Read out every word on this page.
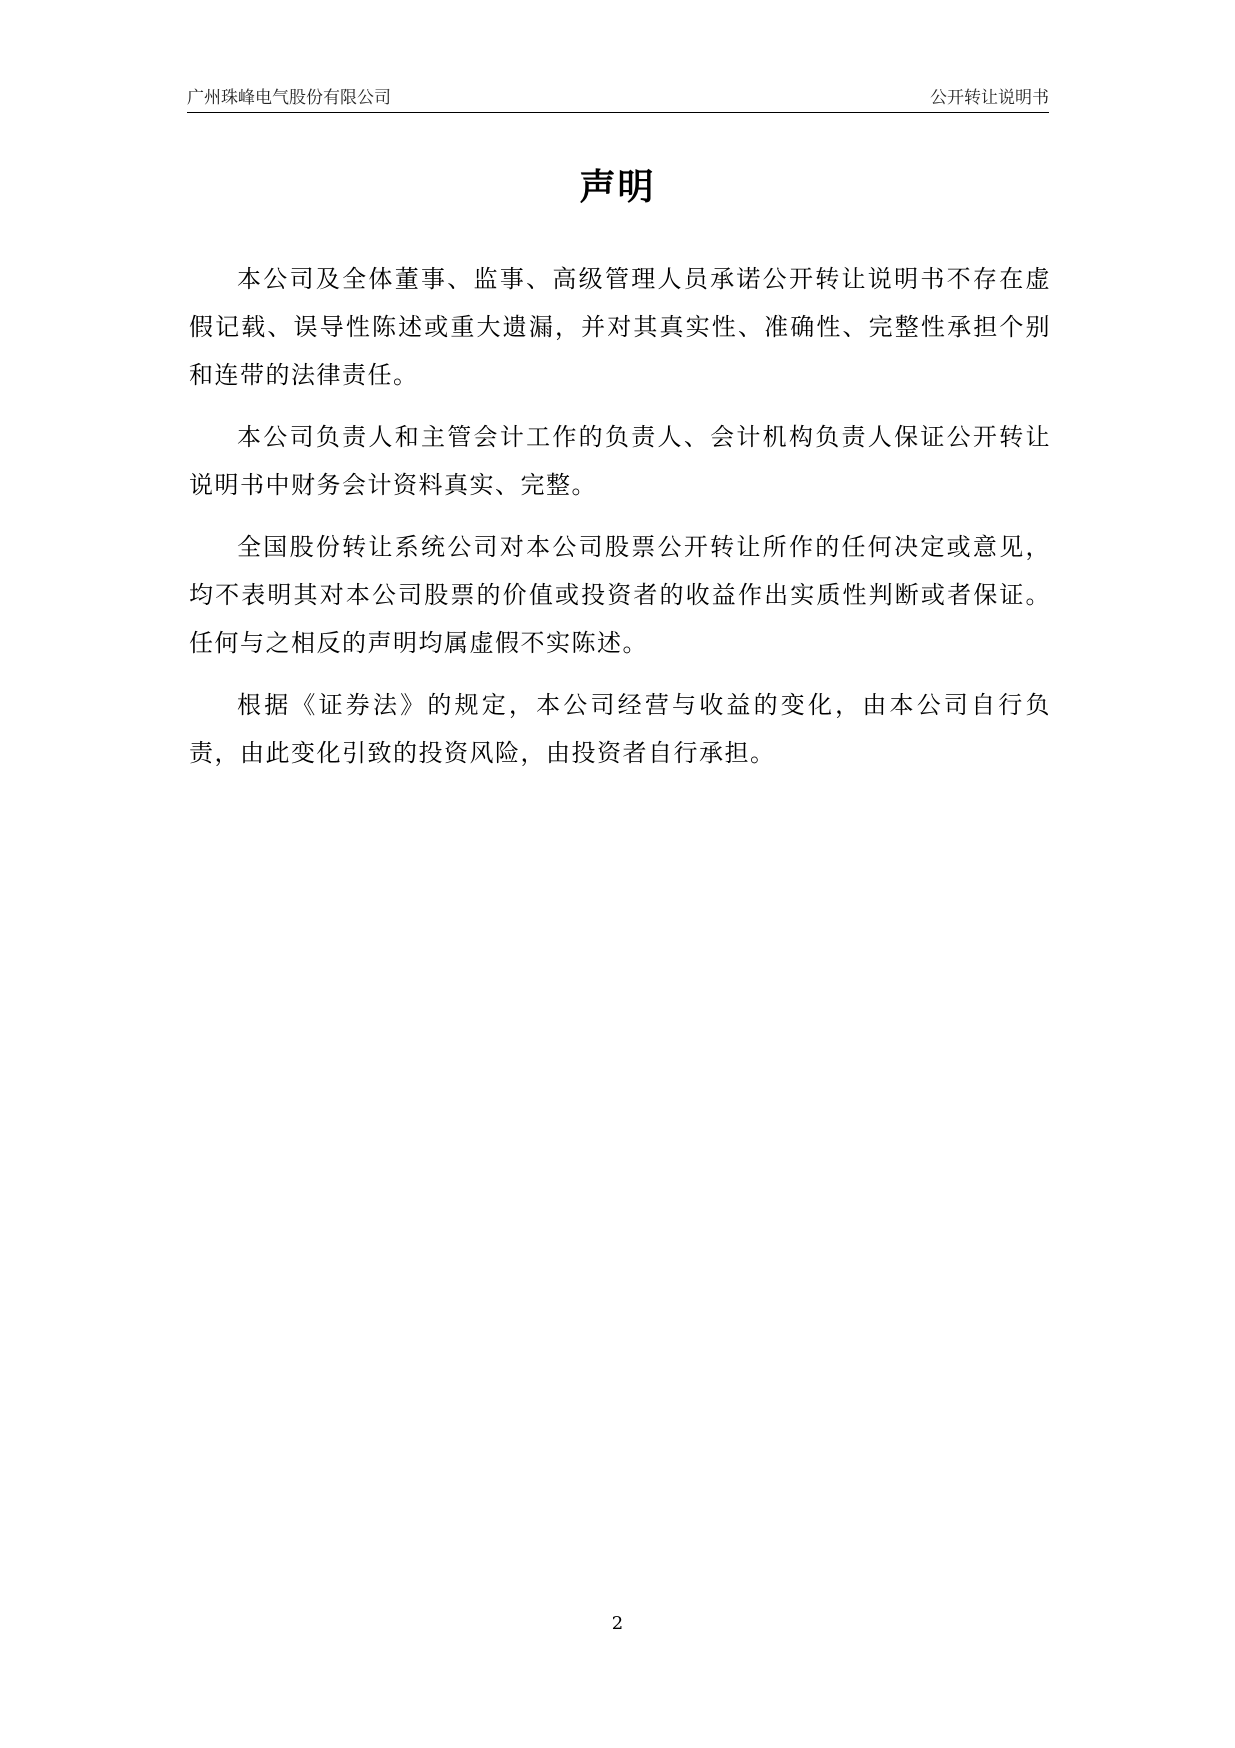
广州珠峰电气股份有限公司	公开转让说明书
声明

本公司及全体董事、监事、高级管理人员承诺公开转让说明书不存在虚假记载、误导性陈述或重大遗漏，并对其真实性、准确性、完整性承担个别和连带的法律责任。

本公司负责人和主管会计工作的负责人、会计机构负责人保证公开转让说明书中财务会计资料真实、完整。

全国股份转让系统公司对本公司股票公开转让所作的任何决定或意见，均不表明其对本公司股票的价值或投资者的收益作出实质性判断或者保证。任何与之相反的声明均属虚假不实陈述。

根据《证券法》的规定，本公司经营与收益的变化，由本公司自行负责，由此变化引致的投资风险，由投资者自行承担。

2
